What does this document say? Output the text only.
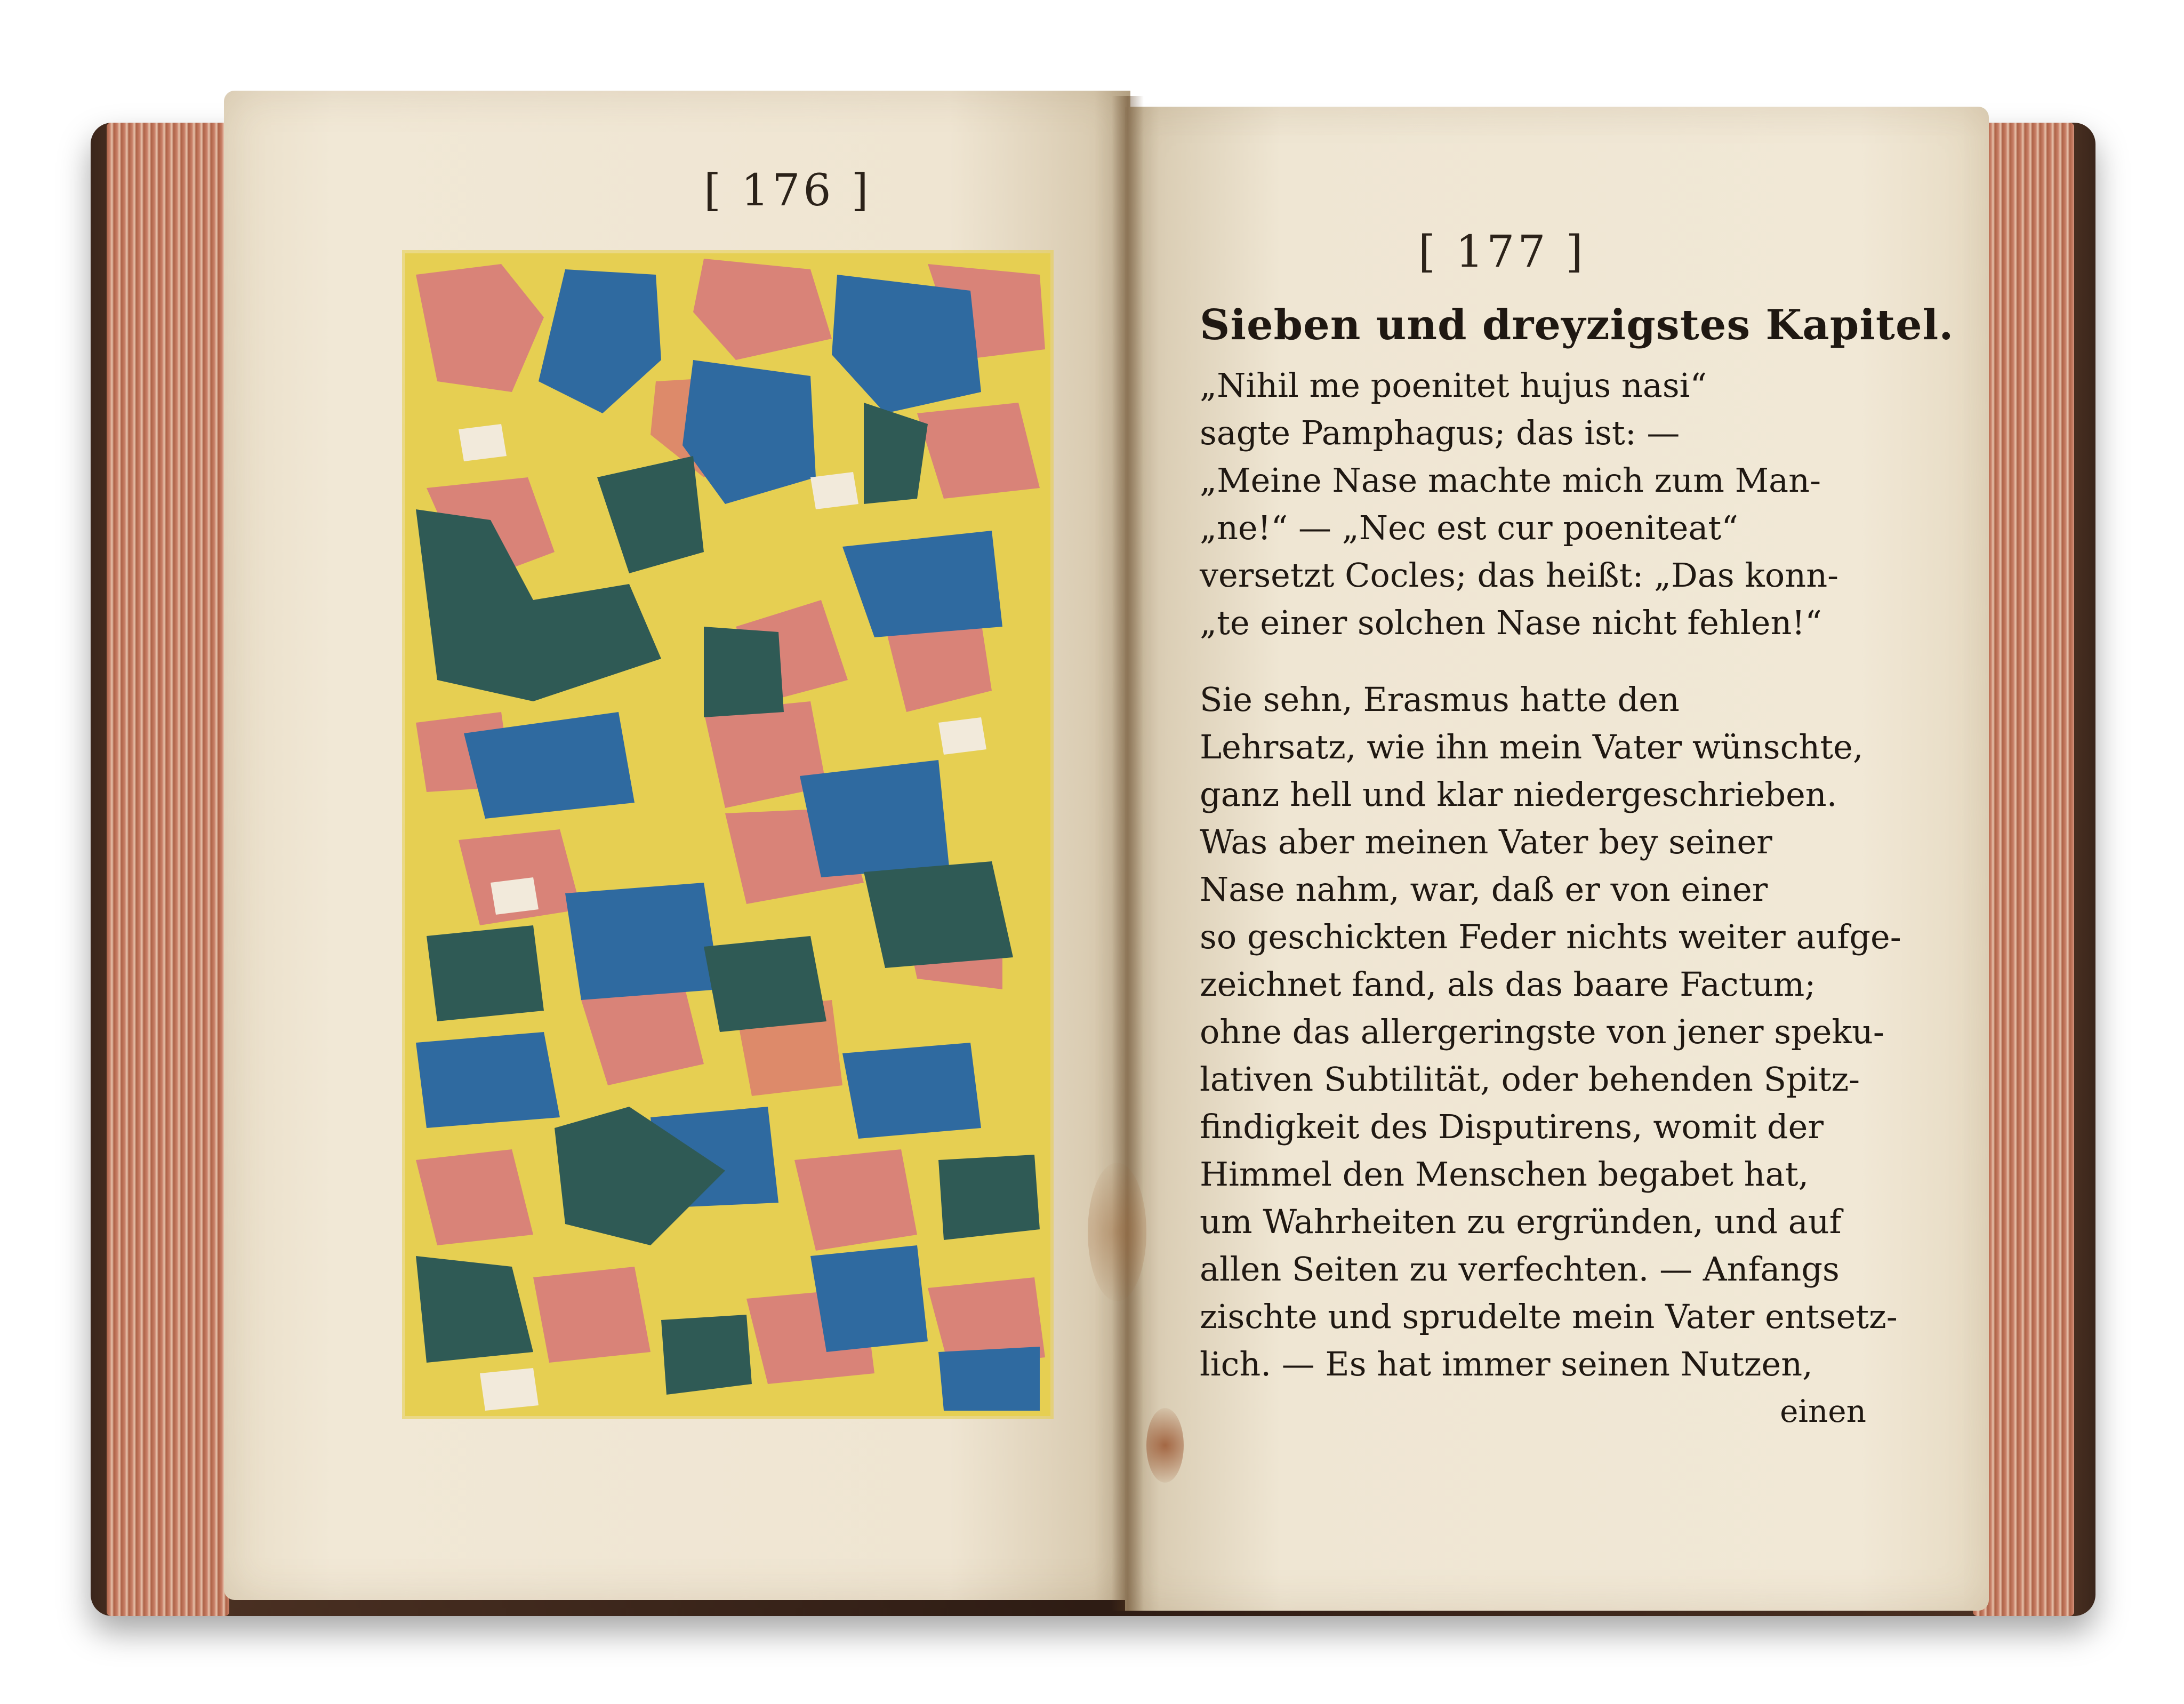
[ 176 ]
[ 177 ]
Sieben und dreyzigstes Kapitel.
„Nihil me poenitet hujus nasi“
sagte Pamphagus; das ist: —
„Meine Nase machte mich zum Man-
„ne!“ — „Nec est cur poeniteat“
versetzt Cocles; das heißt: „Das konn-
„te einer solchen Nase nicht fehlen!“
Sie sehn, Erasmus hatte den
Lehrsatz, wie ihn mein Vater wünschte,
ganz hell und klar niedergeschrieben.
Was aber meinen Vater bey seiner
Nase nahm, war, daß er von einer
so geschickten Feder nichts weiter aufge-
zeichnet fand, als das baare Factum;
ohne das allergeringste von jener speku-
lativen Subtilität, oder behenden Spitz-
findigkeit des Disputirens, womit der
Himmel den Menschen begabet hat,
um Wahrheiten zu ergründen, und auf
allen Seiten zu verfechten. — Anfangs
zischte und sprudelte mein Vater entsetz-
lich. — Es hat immer seinen Nutzen,
einen
